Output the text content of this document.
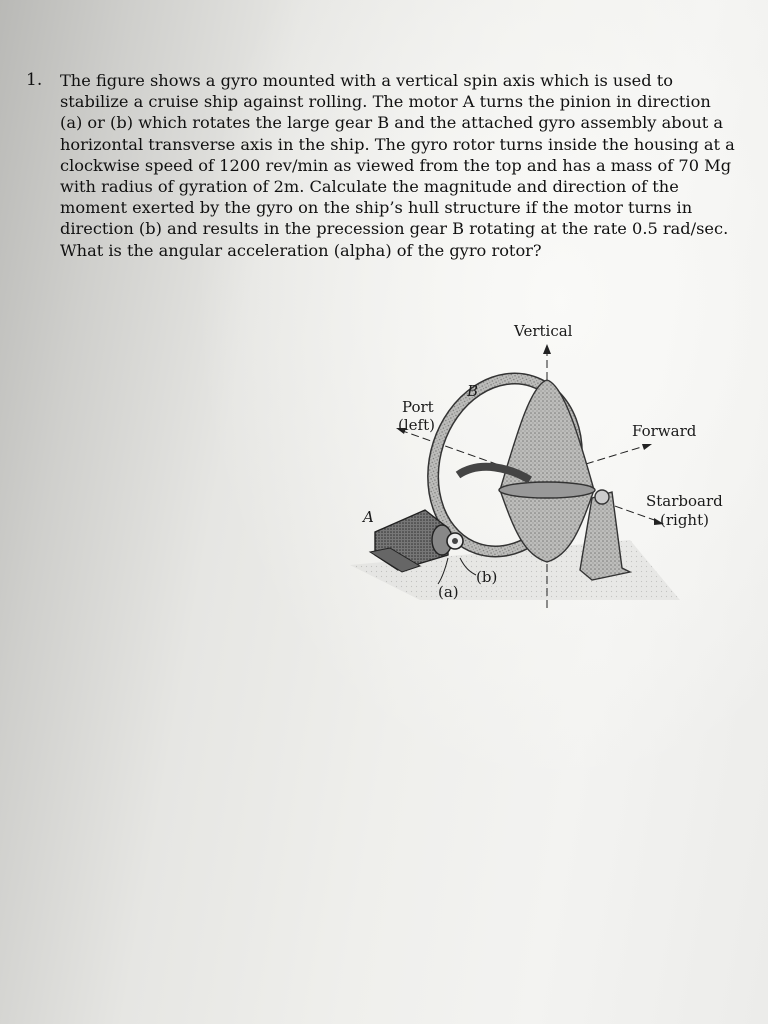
1. The figure shows a gyro mounted with a vertical spin axis which is used to stabilize a cruise ship against rolling. The motor A turns the pinion in direction (a) or (b) which rotates the large gear B and the attached gyro assembly about a horizontal transverse axis in the ship. The gyro rotor turns inside the housing at a clockwise speed of 1200 rev/min as viewed from the top and has a mass of 70 Mg with radius of gyration of 2m. Calculate the magnitude and direction of the moment exerted by the gyro on the ship’s hull structure if the motor turns in direction (b) and results in the precession gear B rotating at the rate 0.5 rad/sec. What is the angular acceleration (alpha) of the gyro rotor?
Vertical
B
Port
(left)	Forward
Starboard
(right)
A
(b)
(a)
